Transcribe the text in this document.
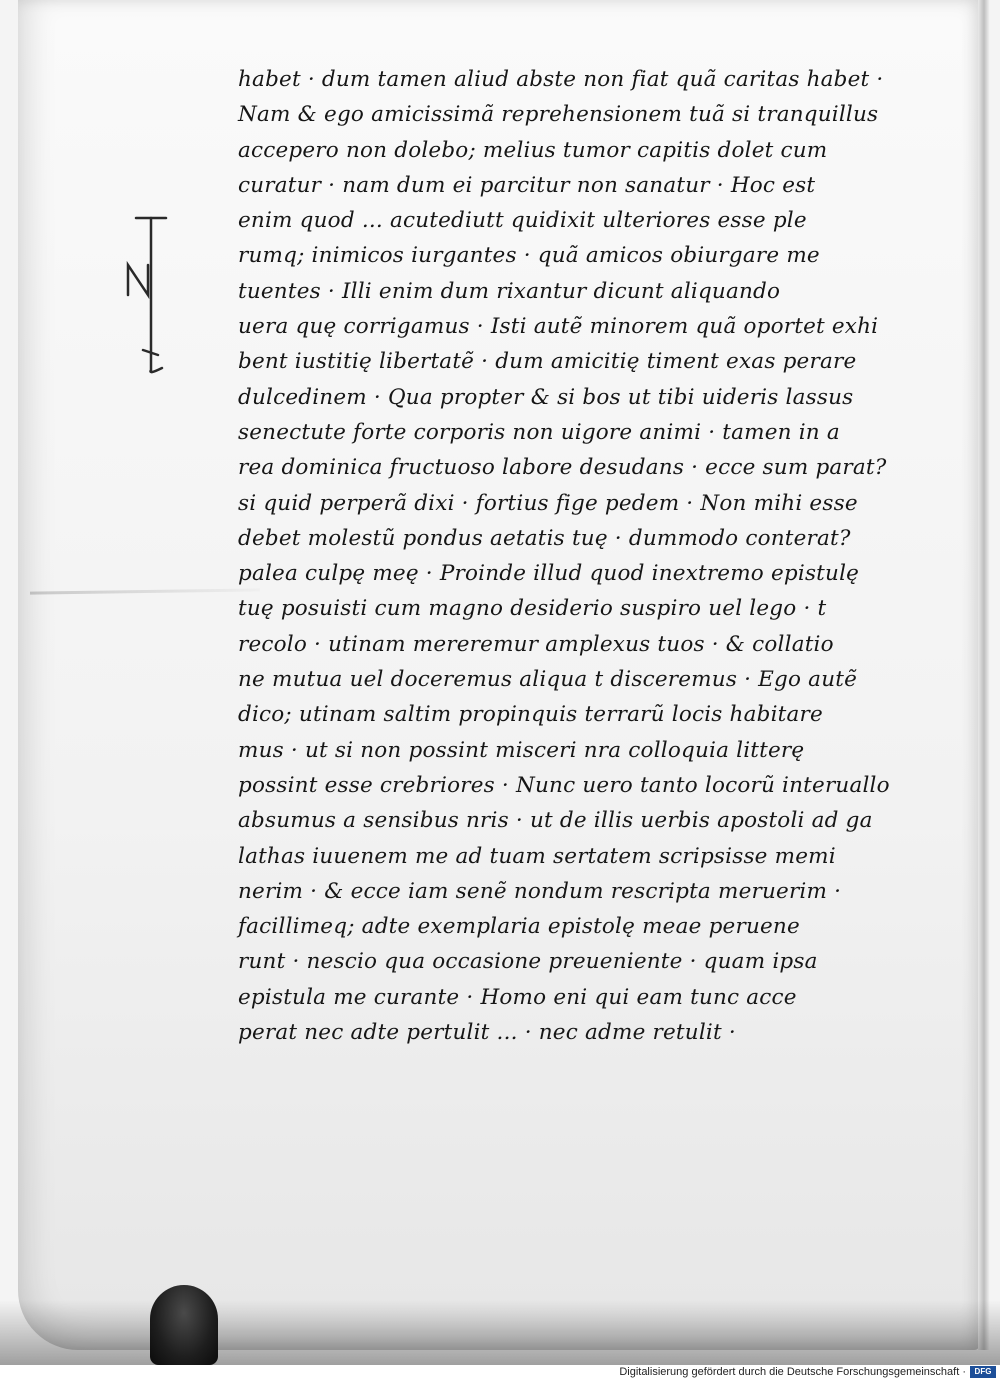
habet · dum tamen aliud abste non fiat quã caritas habet ·
Nam & ego amicissimã reprehensionem tuã si tranquillus
accepero non dolebo; melius tumor capitis dolet cum
curatur · nam dum ei parcitur non sanatur · Hoc est
enim quod ... acutediutt quidixit ulteriores esse ple
rumq; inimicos iurgantes · quã amicos obiurgare me
tuentes · Illi enim dum rixantur dicunt aliquando
uera quę corrigamus · Isti autẽ minorem quã oportet exhi
bent iustitię libertatẽ · dum amicitię timent exas perare
dulcedinem · Qua propter & si bos ut tibi uideris lassus
senectute forte corporis non uigore animi · tamen in a
rea dominica fructuoso labore desudans · ecce sum parat?
si quid perperã dixi · fortius fige pedem · Non mihi esse
debet molestũ pondus aetatis tuę · dummodo conterat?
palea culpę meę · Proinde illud quod inextremo epistulę
tuę posuisti cum magno desiderio suspiro uel lego · t
recolo · utinam mereremur amplexus tuos · & collatio
ne mutua uel doceremus aliqua t disceremus · Ego autẽ
dico; utinam saltim propinquis terrarũ locis habitare
mus · ut si non possint misceri nra colloquia litterę
possint esse crebriores · Nunc uero tanto locorũ interuallo
absumus a sensibus nris · ut de illis uerbis apostoli ad ga
lathas iuuenem me ad tuam sertatem scripsisse memi
nerim · & ecce iam senẽ nondum rescripta meruerim ·
facillimeq; adte exemplaria epistolę meae peruene
runt · nescio qua occasione preueniente · quam ipsa
epistula me curante · Homo eni qui eam tunc acce
perat nec adte pertulit ... · nec adme retulit ·
Digitalisierung gefördert durch die Deutsche Forschungsgemeinschaft ·	DFG
